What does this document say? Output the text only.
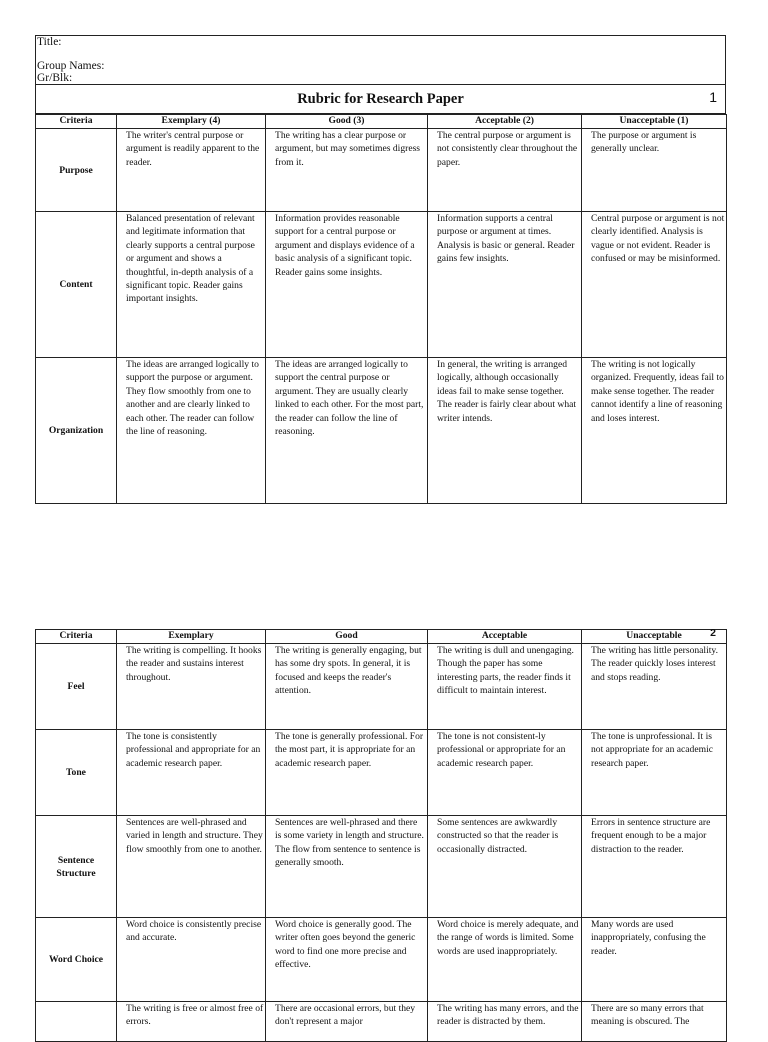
Title:
Group Names:
Gr/Blk:
Rubric for Research Paper	1
Criteria	Exemplary (4)	Good (3)	Acceptable (2)	Unacceptable (1)
Purpose	The writer's central purpose or argument is readily apparent to the reader.	The writing has a clear purpose or argument, but may sometimes digress from it.	The central purpose or argument is not consistently clear throughout the paper.	The purpose or argument is generally unclear.
Content	Balanced presentation of relevant and legitimate information that clearly supports a central purpose or argument and shows a thoughtful, in-depth analysis of a significant topic. Reader gains important insights.	Information provides reasonable support for a central purpose or argument and displays evidence of a basic analysis of a significant topic. Reader gains some insights.	Information supports a central purpose or argument at times. Analysis is basic or general. Reader gains few insights.	Central purpose or argument is not clearly identified. Analysis is vague or not evident. Reader is confused or may be misinformed.
Organization	The ideas are arranged logically to support the purpose or argument. They flow smoothly from one to another and are clearly linked to each other. The reader can follow the line of reasoning.	The ideas are arranged logically to support the central purpose or argument. They are usually clearly linked to each other. For the most part, the reader can follow the line of reasoning.	In general, the writing is arranged logically, although occasionally ideas fail to make sense together. The reader is fairly clear about what writer intends.	The writing is not logically organized. Frequently, ideas fail to make sense together. The reader cannot identify a line of reasoning and loses interest.
Criteria	Exemplary	Good	Acceptable	Unacceptable 2

Feel	The writing is compelling. It hooks the reader and sustains interest throughout.	The writing is generally engaging, but has some dry spots. In general, it is focused and keeps the reader's attention.	The writing is dull and unengaging. Though the paper has some interesting parts, the reader finds it difficult to maintain interest.	The writing has little personality. The reader quickly loses interest and stops reading.
Tone	The tone is consistently professional and appropriate for an academic research paper.	The tone is generally professional. For the most part, it is appropriate for an academic research paper.	The tone is not consistent-ly professional or appropriate for an academic research paper.	The tone is unprofessional. It is not appropriate for an academic research paper.
Sentence Structure	Sentences are well-phrased and varied in length and structure. They flow smoothly from one to another.	Sentences are well-phrased and there is some variety in length and structure. The flow from sentence to sentence is generally smooth.	Some sentences are awkwardly constructed so that the reader is occasionally distracted.	Errors in sentence structure are frequent enough to be a major distraction to the reader.
Word Choice	Word choice is consistently precise and accurate.	Word choice is generally good. The writer often goes beyond the generic word to find one more precise and effective.	Word choice is merely adequate, and the range of words is limited. Some words are used inappropriately.	Many words are used inappropriately, confusing the reader.
	The writing is free or almost free of errors.	There are occasional errors, but they don't represent a major	The writing has many errors, and the reader is distracted by them.	There are so many errors that meaning is obscured. The
